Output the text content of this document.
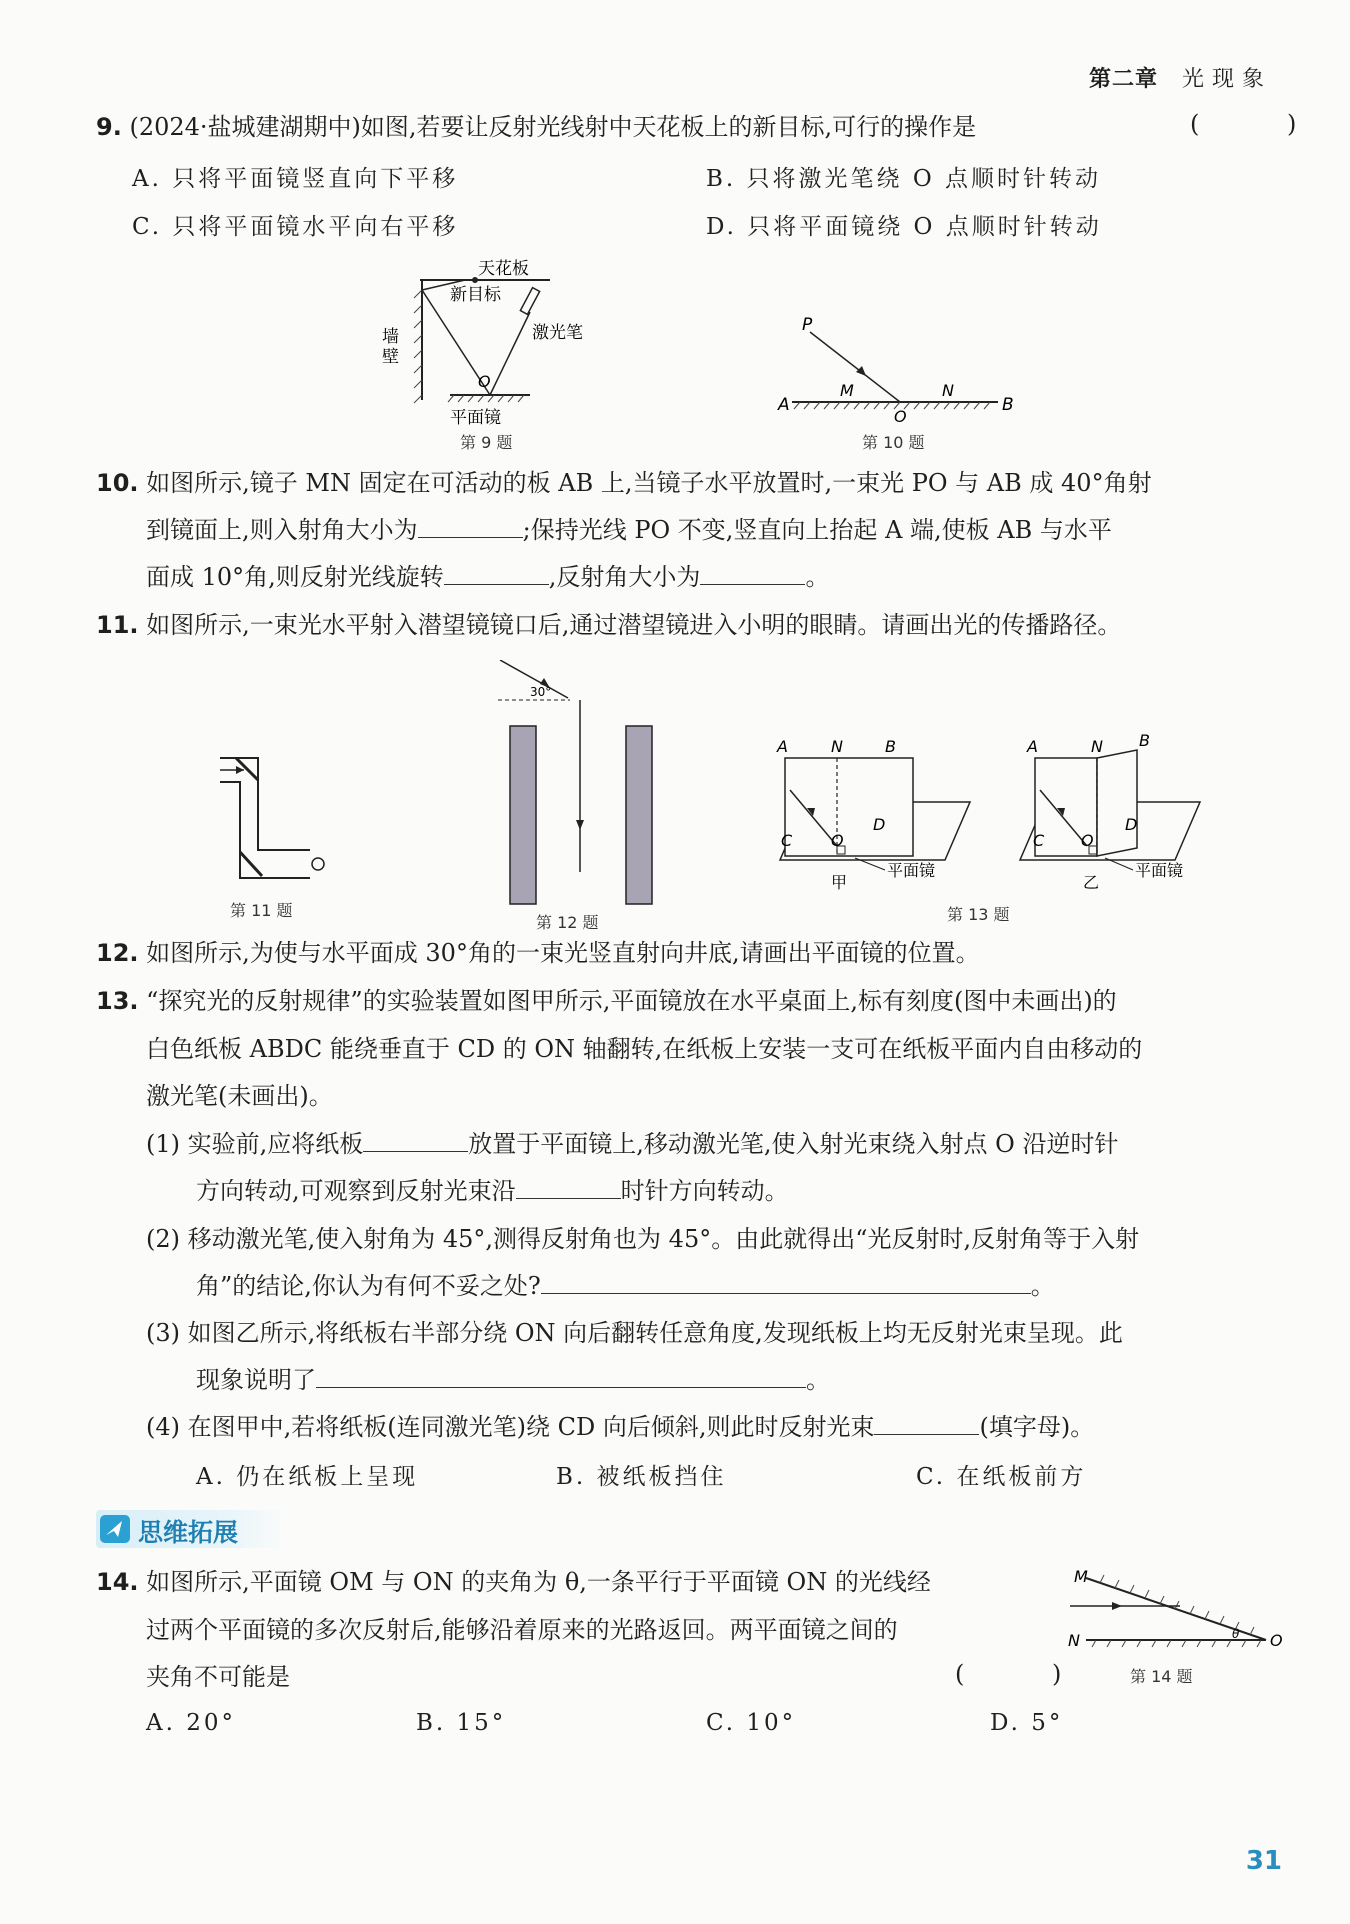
第二章 光现象
9. (2024·盐城建湖期中)如图,若要让反射光线射中天花板上的新目标,可行的操作是	( )
A. 只将平面镜竖直向下平移	B. 只将激光笔绕 O 点顺时针转动
C. 只将平面镜水平向右平移	D. 只将平面镜绕 O 点顺时针转动
天花板
新目标
激光笔
墙
壁
O
平面镜
第 9 题
P
A
M	N
B
O
第 10 题
10. 如图所示,镜子 MN 固定在可活动的板 AB 上,当镜子水平放置时,一束光 PO 与 AB 成 40°角射
到镜面上,则入射角大小为	;保持光线 PO 不变,竖直向上抬起 A 端,使板 AB 与水平
面成 10°角,则反射光线旋转	,反射角大小为	。
11. 如图所示,一束光水平射入潜望镜镜口后,通过潜望镜进入小明的眼睛。请画出光的传播路径。
第 11 题
30°
第 12 题
A	N	B
C O
D
平面镜
甲
A	N B
C O
D
平面镜
乙
第 13 题
12. 如图所示,为使与水平面成 30°角的一束光竖直射向井底,请画出平面镜的位置。
13. “探究光的反射规律”的实验装置如图甲所示,平面镜放在水平桌面上,标有刻度(图中未画出)的
白色纸板 ABDC 能绕垂直于 CD 的 ON 轴翻转,在纸板上安装一支可在纸板平面内自由移动的
激光笔(未画出)。
(1) 实验前,应将纸板	放置于平面镜上,移动激光笔,使入射光束绕入射点 O 沿逆时针
方向转动,可观察到反射光束沿	时针方向转动。
(2) 移动激光笔,使入射角为 45°,测得反射角也为 45°。由此就得出“光反射时,反射角等于入射
角”的结论,你认为有何不妥之处?	。
(3) 如图乙所示,将纸板右半部分绕 ON 向后翻转任意角度,发现纸板上均无反射光束呈现。此
现象说明了	。
(4) 在图甲中,若将纸板(连同激光笔)绕 CD 向后倾斜,则此时反射光束	(填字母)。
A. 仍在纸板上呈现	B. 被纸板挡住	C. 在纸板前方
思维拓展
14. 如图所示,平面镜 OM 与 ON 的夹角为 θ,一条平行于平面镜 ON 的光线经
过两个平面镜的多次反射后,能够沿着原来的光路返回。两平面镜之间的
夹角不可能是	( )
M
N	O
θ
第 14 题
A. 20°	B. 15°	C. 10°	D. 5°
31
